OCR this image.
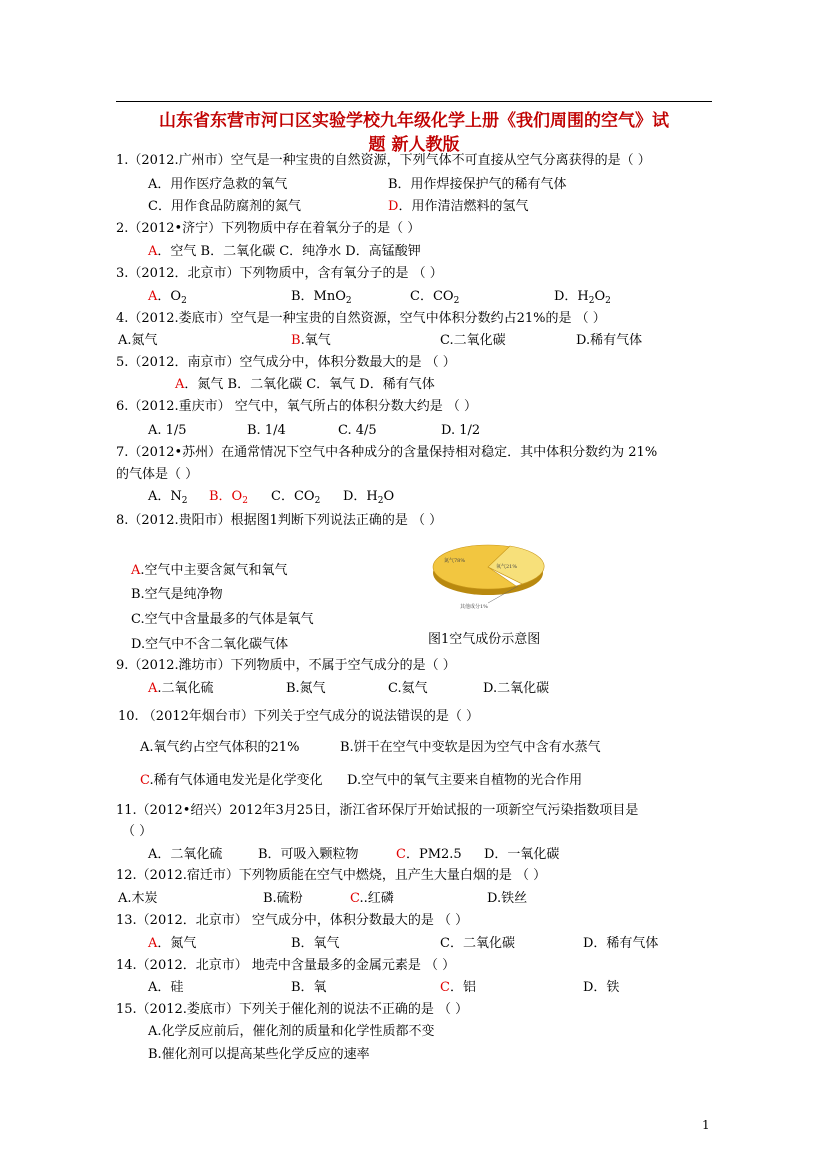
山东省东营市河口区实验学校九年级化学上册《我们周围的空气》试
题 新人教版
1.（2012.广州市）空气是一种宝贵的自然资源，下列气体不可直接从空气分离获得的是（ ）
A．用作医疗急救的氧气	B．用作焊接保护气的稀有气体
C．用作食品防腐剂的氮气	D．用作清洁燃料的氢气
2.（2012•济宁）下列物质中存在着氧分子的是（ ）
A．空气 B．二氧化碳 C．纯净水 D．高锰酸钾
3.（2012．北京市）下列物质中，含有氧分子的是 （ ）
A．$O_2$	B．MnO$_2$	C．$CO_2$	D．$H_2O_2$
4.（2012.娄底市）空气是一种宝贵的自然资源，空气中体积分数约占21%的是 （ ）
A.氮气	B.氧气	C.二氧化碳	D.稀有气体
5.（2012．南京市）空气成分中，体积分数最大的是 （ ）
A．氮气 B．二氧化碳 C．氧气 D．稀有气体
6.（2012.重庆市） 空气中，氧气所占的体积分数大约是 （ ）
A. 1/5	B. 1/4	C. 4/5	D. 1/2
7.（2012•苏州）在通常情况下空气中各种成分的含量保持相对稳定．其中体积分数约为 21%
的气体是（ ）
A．$N_2$ B．$O_2$ C．$CO_2$ D．$H_2O$
8.（2012.贵阳市）根据图1判断下列说法正确的是 （ ）
A.空气中主要含氮气和氧气
B.空气是纯净物
C.空气中含量最多的气体是氧气
D.空气中不含二氧化碳气体
氮气78%
氧气21%
其他成分1%
图1空气成份示意图
9.（2012.潍坊市）下列物质中，不属于空气成分的是（ ）
A.二氧化硫	B.氮气	C.氦气	D.二氧化碳
10. （2012年烟台市）下列关于空气成分的说法错误的是（ ）
A.氧气约占空气体积的21%	B.饼干在空气中变软是因为空气中含有水蒸气
C.稀有气体通电发光是化学变化 D.空气中的氧气主要来自植物的光合作用
11.（2012•绍兴）2012年3月25日，浙江省环保厅开始试报的一项新空气污染指数项目是
（ ）
A．二氧化硫	B．可吸入颗粒物	C．PM2.5 D．一氧化碳
12.（2012.宿迁市）下列物质能在空气中燃烧，且产生大量白烟的是 （ ）
A.木炭	B.硫粉	C..红磷	D.铁丝
13.（2012．北京市） 空气成分中，体积分数最大的是 （ ）
A．氮气	B．氧气	C．二氧化碳	D．稀有气体
14.（2012．北京市） 地壳中含量最多的金属元素是 （ ）
A．硅	B．氧	C．铝	D．铁
15.（2012.娄底市）下列关于催化剂的说法不正确的是 （ ）
A.化学反应前后，催化剂的质量和化学性质都不变
B.催化剂可以提高某些化学反应的速率
1
